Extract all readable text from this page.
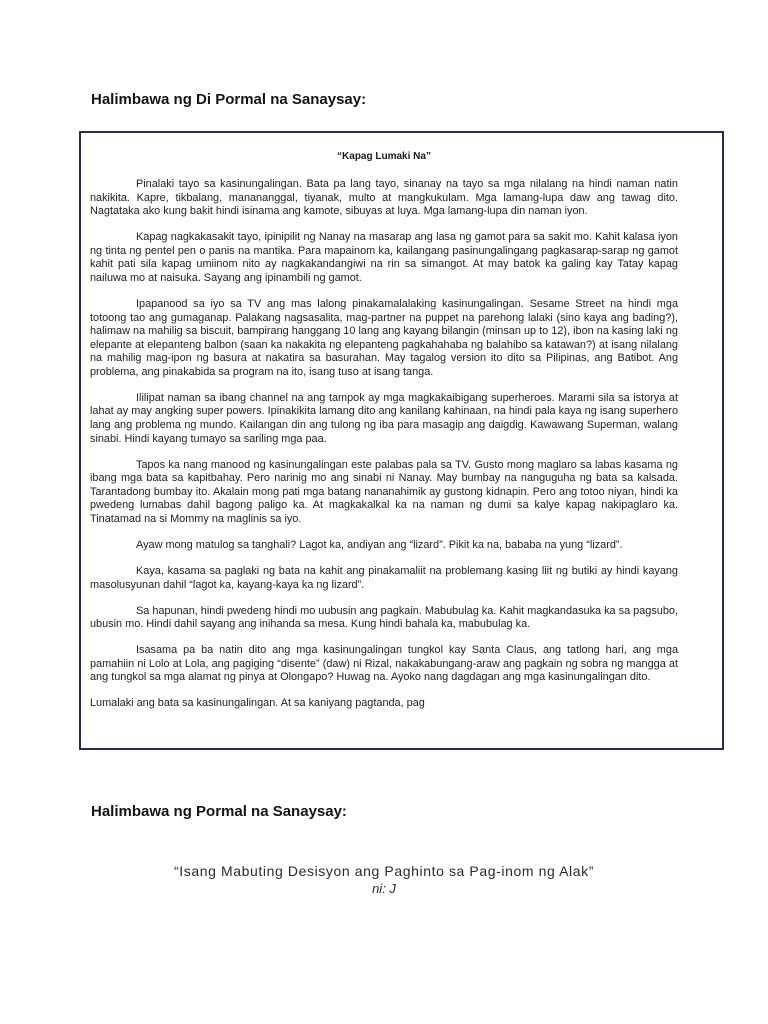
Halimbawa ng Di Pormal na Sanaysay:

“Kapag Lumaki Na”

Pinalaki tayo sa kasinungalingan. Bata pa lang tayo, sinanay na tayo sa mga nilalang na hindi naman natin nakikita. Kapre, tikbalang, manananggal, tiyanak, multo at mangkukulam. Mga lamang-lupa daw ang tawag dito. Nagtataka ako kung bakit hindi isinama ang kamote, sibuyas at luya. Mga lamang-lupa din naman iyon.

Kapag nagkakasakit tayo, ipinipilit ng Nanay na masarap ang lasa ng gamot para sa sakit mo. Kahit kalasa iyon ng tinta ng pentel pen o panis na mantika. Para mapainom ka, kailangang pasinungalingang pagkasarap-sarap ng gamot kahit pati sila kapag umiinom nito ay nagkakandangiwi na rin sa simangot. At may batok ka galing kay Tatay kapag nailuwa mo at naisuka. Sayang ang ipinambili ng gamot.

Ipapanood sa iyo sa TV ang mas lalong pinakamalalaking kasinungalingan. Sesame Street na hindi mga totoong tao ang gumaganap. Palakang nagsasalita, mag-partner na puppet na parehong lalaki (sino kaya ang bading?), halimaw na mahilig sa biscuit, bampirang hanggang 10 lang ang kayang bilangin (minsan up to 12), ibon na kasing laki ng elepante at elepanteng balbon (saan ka nakakita ng elepanteng pagkahahaba ng balahibo sa katawan?) at isang nilalang na mahilig mag-ipon ng basura at nakatira sa basurahan. May tagalog version ito dito sa Pilipinas, ang Batibot. Ang problema, ang pinakabida sa program na ito, isang tuso at isang tanga.

Ililipat naman sa ibang channel na ang tampok ay mga magkakaibigang superheroes. Marami sila sa istorya at lahat ay may angking super powers. Ipinakikita lamang dito ang kanilang kahinaan, na hindi pala kaya ng isang superhero lang ang problema ng mundo. Kailangan din ang tulong ng iba para masagip ang daigdig. Kawawang Superman, walang sinabi. Hindi kayang tumayo sa sariling mga paa.

Tapos ka nang manood ng kasinungalingan este palabas pala sa TV. Gusto mong maglaro sa labas kasama ng ibang mga bata sa kapitbahay. Pero narinig mo ang sinabi ni Nanay. May bumbay na nanguguha ng bata sa kalsada. Tarantadong bumbay ito. Akalain mong pati mga batang nananahimik ay gustong kidnapin. Pero ang totoo niyan, hindi ka pwedeng lumabas dahil bagong paligo ka. At magkakalkal ka na naman ng dumi sa kalye kapag nakipaglaro ka. Tinatamad na si Mommy na maglinis sa iyo.

Ayaw mong matulog sa tanghali? Lagot ka, andiyan ang “lizard”. Pikit ka na, bababa na yung “lizard”.

Kaya, kasama sa paglaki ng bata na kahit ang pinakamaliit na problemang kasing liit ng butiki ay hindi kayang masolusyunan dahil “lagot ka, kayang-kaya ka ng lizard”.

Sa hapunan, hindi pwedeng hindi mo uubusin ang pagkain. Mabubulag ka. Kahit magkandasuka ka sa pagsubo, ubusin mo. Hindi dahil sayang ang inihanda sa mesa. Kung hindi bahala ka, mabubulag ka.

Isasama pa ba natin dito ang mga kasinungalingan tungkol kay Santa Claus, ang tatlong hari, ang mga pamahiin ni Lolo at Lola, ang pagiging “disente” (daw) ni Rizal, nakakabungang-araw ang pagkain ng sobra ng mangga at ang tungkol sa mga alamat ng pinya at Olongapo? Huwag na. Ayoko nang dagdagan ang mga kasinungalingan dito.

Lumalaki ang bata sa kasinungalingan. At sa kaniyang pagtanda, pag

Halimbawa ng Pormal na Sanaysay:

“Isang Mabuting Desisyon ang Paghinto sa Pag-inom ng Alak”

ni: J
